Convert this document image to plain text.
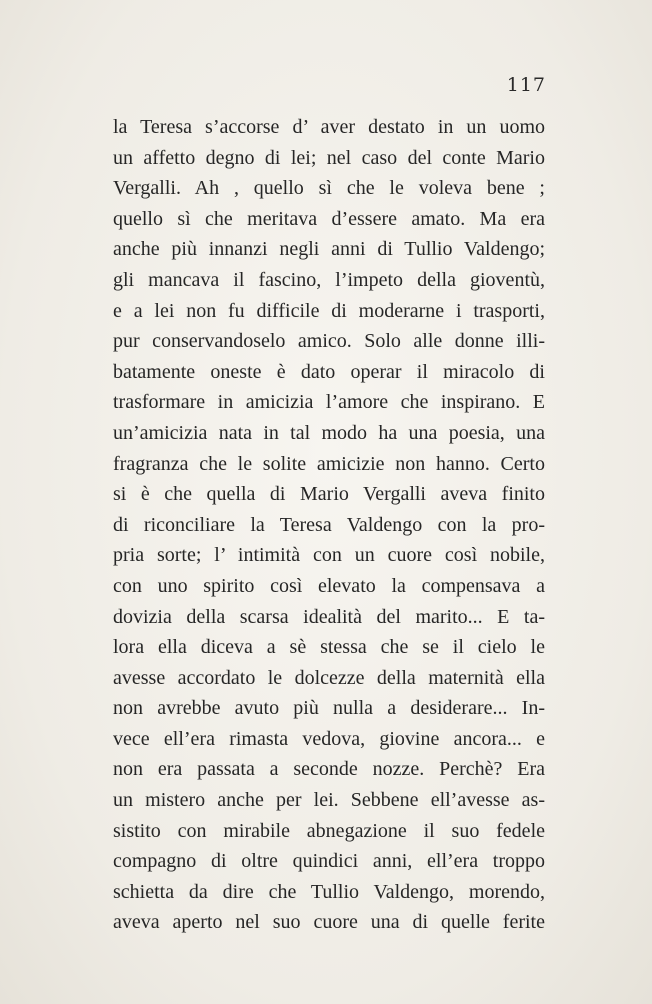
117
la Teresa s’accorse d’ aver destato in un uomo
un affetto degno di lei; nel caso del conte Mario
Vergalli. Ah , quello sì che le voleva bene ;
quello sì che meritava d’essere amato. Ma era
anche più innanzi negli anni di Tullio Valdengo;
gli mancava il fascino, l’impeto della gioventù,
e a lei non fu difficile di moderarne i trasporti,
pur conservandoselo amico. Solo alle donne illi-
batamente oneste è dato operar il miracolo di
trasformare in amicizia l’amore che inspirano. E
un’amicizia nata in tal modo ha una poesia, una
fragranza che le solite amicizie non hanno. Certo
si è che quella di Mario Vergalli aveva finito
di riconciliare la Teresa Valdengo con la pro-
pria sorte; l’ intimità con un cuore così nobile,
con uno spirito così elevato la compensava a
dovizia della scarsa idealità del marito... E ta-
lora ella diceva a sè stessa che se il cielo le
avesse accordato le dolcezze della maternità ella
non avrebbe avuto più nulla a desiderare... In-
vece ell’era rimasta vedova, giovine ancora... e
non era passata a seconde nozze. Perchè? Era
un mistero anche per lei. Sebbene ell’avesse as-
sistito con mirabile abnegazione il suo fedele
compagno di oltre quindici anni, ell’era troppo
schietta da dire che Tullio Valdengo, morendo,
aveva aperto nel suo cuore una di quelle ferite
